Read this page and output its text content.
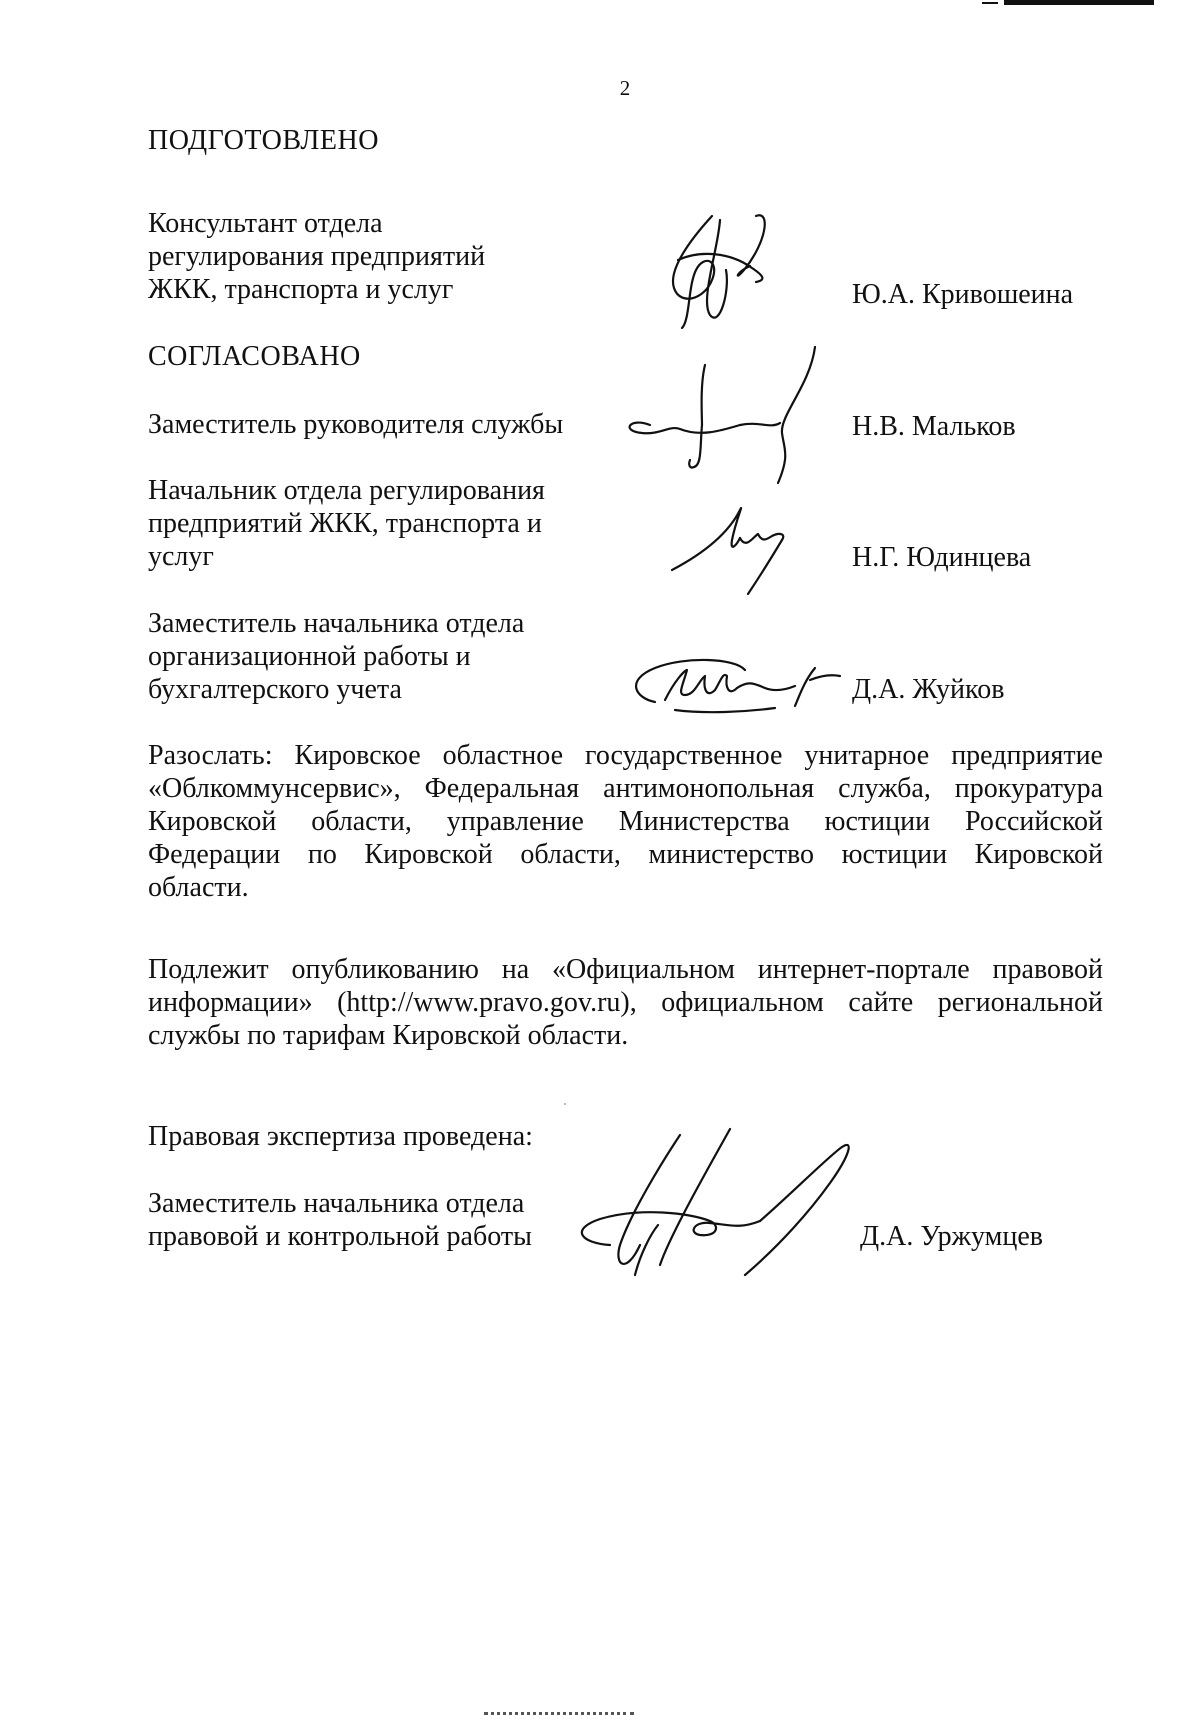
2
ПОДГОТОВЛЕНО
Консультант отдела
регулирования предприятий
ЖКК, транспорта и услуг	Ю.А. Кривошеина
СОГЛАСОВАНО
Заместитель руководителя службы	Н.В. Мальков
Начальник отдела регулирования
предприятий ЖКК, транспорта и
услуг	Н.Г. Юдинцева
Заместитель начальника отдела
организационной работы и
бухгалтерского учета	Д.А. Жуйков
Разослать: Кировское областное государственное унитарное предприятие
«Облкоммунсервис», Федеральная антимонопольная служба, прокуратура
Кировской области, управление Министерства юстиции Российской
Федерации по Кировской области, министерство юстиции Кировской
области.
Подлежит опубликованию на «Официальном интернет-портале правовой
информации» (http://www.pravo.gov.ru), официальном сайте региональной
службы по тарифам Кировской области.
Правовая экспертиза проведена:
Заместитель начальника отдела
правовой и контрольной работы	Д.А. Уржумцев
